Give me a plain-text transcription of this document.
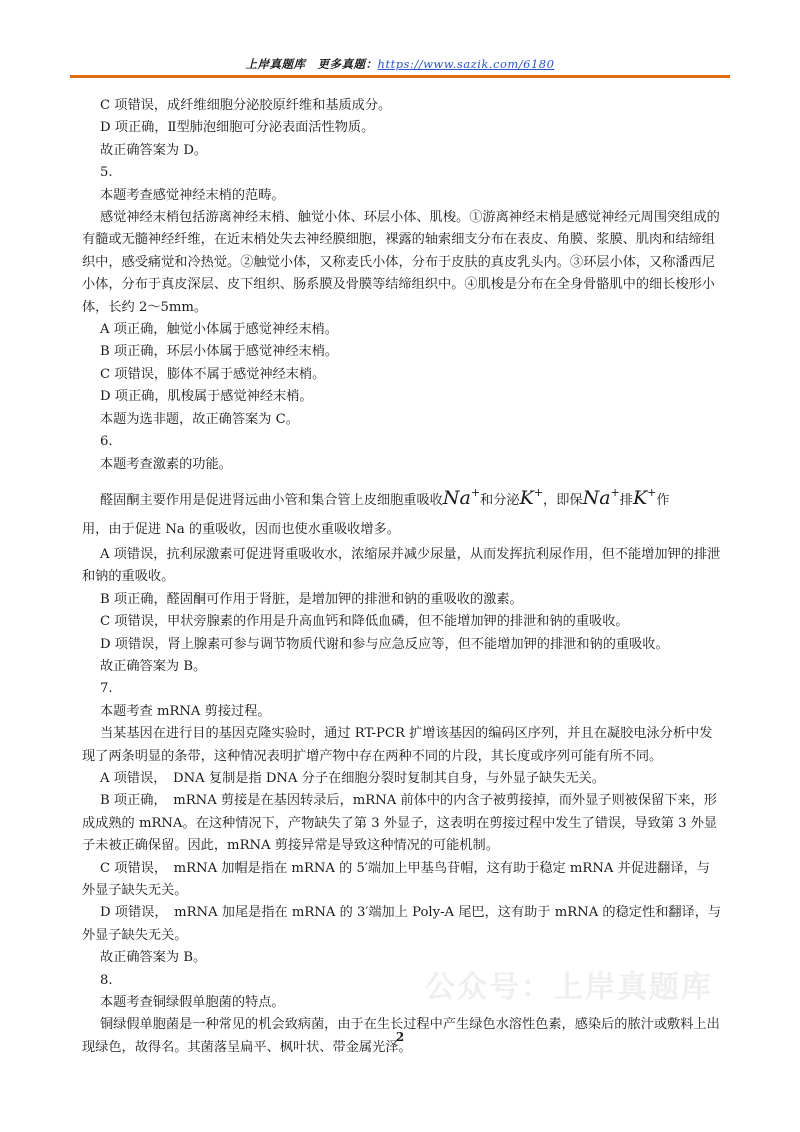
上岸真题库　更多真题：https://www.sazik.com/6180

C 项错误，成纤维细胞分泌胶原纤维和基质成分。

D 项正确，Ⅱ型肺泡细胞可分泌表面活性物质。

故正确答案为 D。

5.

本题考查感觉神经末梢的范畴。

感觉神经末梢包括游离神经末梢、触觉小体、环层小体、肌梭。①游离神经末梢是感觉神经元周围突组成的有髓或无髓神经纤维，在近末梢处失去神经膜细胞，裸露的轴索细支分布在表皮、角膜、浆膜、肌肉和结缔组织中，感受痛觉和冷热觉。②触觉小体，又称麦氏小体，分布于皮肤的真皮乳头内。③环层小体，又称潘西尼小体，分布于真皮深层、皮下组织、肠系膜及骨膜等结缔组织中。④肌梭是分布在全身骨骼肌中的细长梭形小体，长约 2～5mm。

A 项正确，触觉小体属于感觉神经末梢。

B 项正确，环层小体属于感觉神经末梢。

C 项错误，膨体不属于感觉神经末梢。

D 项正确，肌梭属于感觉神经末梢。

本题为选非题，故正确答案为 C。

6.

本题考查激素的功能。

醛固酮主要作用是促进肾远曲小管和集合管上皮细胞重吸收Na+和分泌K+，即保Na+排K+作

用，由于促进 Na 的重吸收，因而也使水重吸收增多。

A 项错误，抗利尿激素可促进肾重吸收水，浓缩尿并减少尿量，从而发挥抗利尿作用，但不能增加钾的排泄和钠的重吸收。

B 项正确，醛固酮可作用于肾脏，是增加钾的排泄和钠的重吸收的激素。

C 项错误，甲状旁腺素的作用是升高血钙和降低血磷，但不能增加钾的排泄和钠的重吸收。

D 项错误，肾上腺素可参与调节物质代谢和参与应急反应等，但不能增加钾的排泄和钠的重吸收。

故正确答案为 B。

7.

本题考查 mRNA 剪接过程。

当某基因在进行目的基因克隆实验时，通过 RT-PCR 扩增该基因的编码区序列，并且在凝胶电泳分析中发现了两条明显的条带，这种情况表明扩增产物中存在两种不同的片段，其长度或序列可能有所不同。

A 项错误，　DNA 复制是指 DNA 分子在细胞分裂时复制其自身，与外显子缺失无关。

B 项正确，　mRNA 剪接是在基因转录后，mRNA 前体中的内含子被剪接掉，而外显子则被保留下来，形成成熟的 mRNA。在这种情况下，产物缺失了第 3 外显子，这表明在剪接过程中发生了错误，导致第 3 外显子未被正确保留。因此，mRNA 剪接异常是导致这种情况的可能机制。

C 项错误，　mRNA 加帽是指在 mRNA 的 5′端加上甲基鸟苷帽，这有助于稳定 mRNA 并促进翻译，与外显子缺失无关。

D 项错误，　mRNA 加尾是指在 mRNA 的 3′端加上 Poly-A 尾巴，这有助于 mRNA 的稳定性和翻译，与外显子缺失无关。

故正确答案为 B。

8.

本题考查铜绿假单胞菌的特点。

铜绿假单胞菌是一种常见的机会致病菌，由于在生长过程中产生绿色水溶性色素，感染后的脓汁或敷料上出现绿色，故得名。其菌落呈扁平、枫叶状、带金属光泽。

公众号：上岸真题库
2
